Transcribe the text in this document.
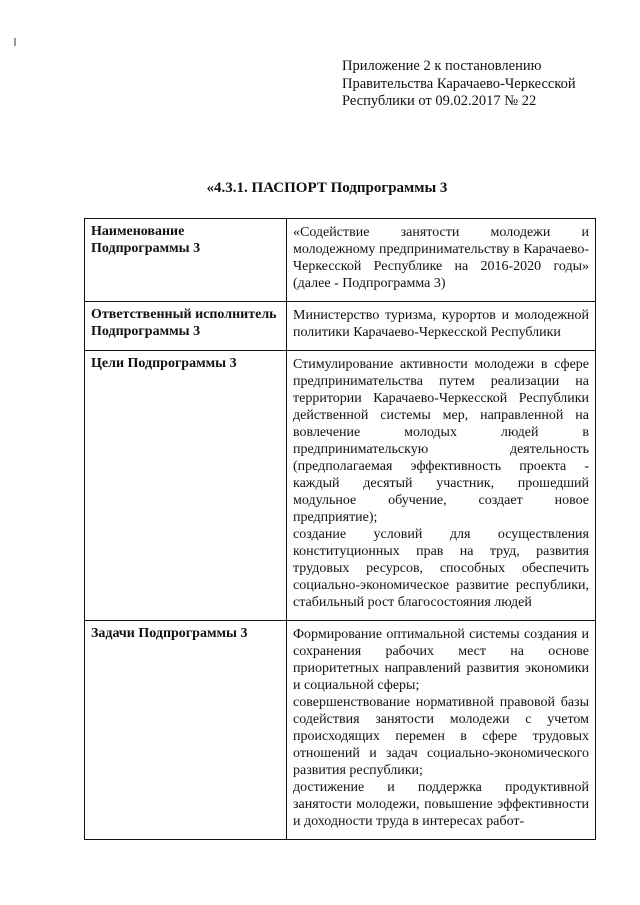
Приложение 2 к постановлению
Правительства Карачаево-Черкесской
Республики от 09.02.2017 № 22
«4.3.1. ПАСПОРТ Подпрограммы 3
Наименование Подпрограммы 3	«Содействие занятости молодежи и молодежному предпринимательству в Карачаево-Черкесской Республике на 2016-2020 годы» (далее - Подпрограмма 3)

Ответственный исполнитель Подпрограммы 3	Министерство туризма, курортов и молодежной политики Карачаево-Черкесской Республики

Цели Подпрограммы 3	Стимулирование активности молодежи в сфере предпринимательства путем реализации на территории Карачаево-Черкесской Республики действенной системы мер, направленной на вовлечение молодых людей в предпринимательскую деятельность (предполагаемая эффективность проекта - каждый десятый участник, прошедший модульное обучение, создает новое предприятие);
создание условий для осуществления конституционных прав на труд, развития трудовых ресурсов, способных обеспечить социально-экономическое развитие республики, стабильный рост благосостояния людей

Задачи Подпрограммы 3	Формирование оптимальной системы создания и сохранения рабочих мест на основе приоритетных направлений развития экономики и социальной сферы;
совершенствование нормативной правовой базы содействия занятости молодежи с учетом происходящих перемен в сфере трудовых отношений и задач социально-экономического развития республики;
достижение и поддержка продуктивной занятости молодежи, повышение эффективности и доходности труда в интересах работ-
